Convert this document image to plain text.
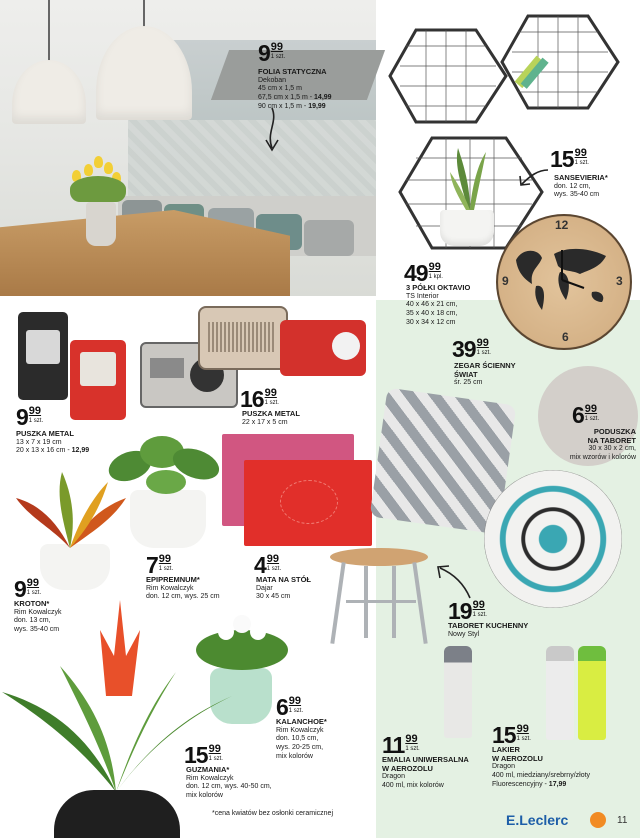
12
3
6
9
9 99
1 szt.
FOLIA STATYCZNA
Dekoban
45 cm x 1,5 m
67,5 cm x 1,5 m - 14,99
90 cm x 1,5 m - 19,99
15 99
1 szt.
SANSEVIERIA*
don. 12 cm,
wys. 35-40 cm
49 99
1 kpl.
3 PÓŁKI OKTAVIO
TS Interior
40 x 46 x 21 cm,
35 x 40 x 18 cm,
30 x 34 x 12 cm
39 99
1 szt.
ZEGAR ŚCIENNY
ŚWIAT
śr. 25 cm
9 99
1 szt.
PUSZKA METAL
13 x 7 x 19 cm
20 x 13 x 16 cm - 12,99
16 99
1 szt.
PUSZKA METAL
22 x 17 x 5 cm	6 99
1 szt.
PODUSZKA
NA TABORET
30 x 30 x 2 cm,
mix wzorów i kolorów
7 99
1 szt.
EPIPREMNUM*
Rim Kowalczyk
don. 12 cm, wys. 25 cm
4 99
1 szt.
MATA NA STÓŁ
Dajar
30 x 45 cm
9 99
1 szt.
KROTON*
Rim Kowalczyk
don. 13 cm,
wys. 35-40 cm
19 99
1 szt.
TABORET KUCHENNY
Nowy Styl
6 99
1 szt.
KALANCHOE*
Rim Kowalczyk
don. 10,5 cm,
wys. 20-25 cm,
mix kolorów	11 99
1 szt.
EMALIA UNIWERSALNA
W AEROZOLU
Dragon
400 ml, mix kolorów
15 99
1 szt.
LAKIER
W AEROZOLU
Dragon
400 ml, miedziany/srebrny/złoty
Fluorescencyjny - 17,99
15 99
1 szt.
GUZMANIA*
Rim Kowalczyk
don. 12 cm, wys. 40-50 cm,
mix kolorów
*cena kwiatów bez osłonki ceramicznej	E.Leclerc	11
